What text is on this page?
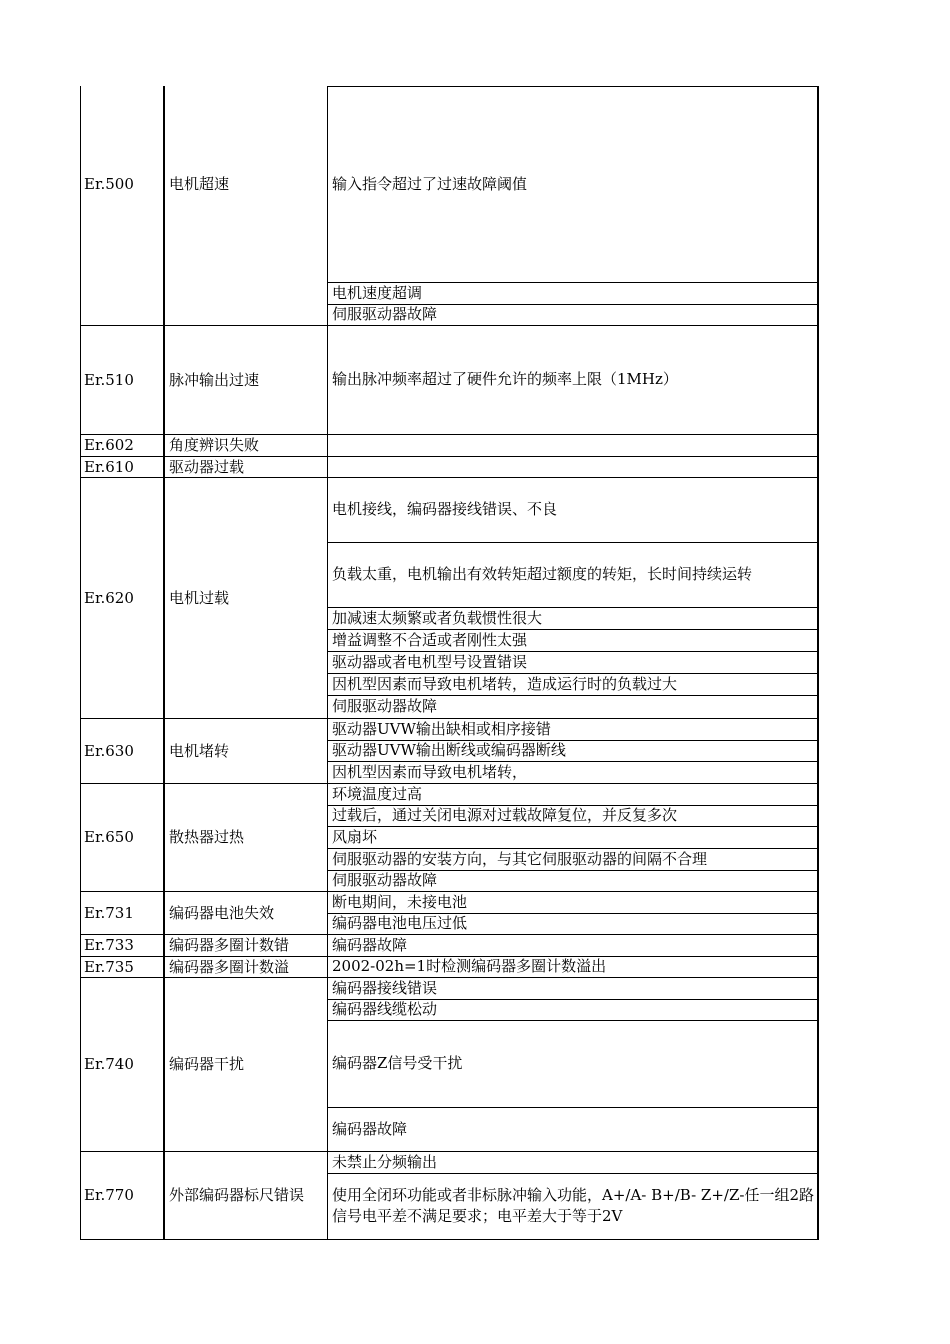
Er.500	电机超速	输入指令超过了过速故障阈值
电机速度超调
伺服驱动器故障
Er.510	脉冲输出过速	输出脉冲频率超过了硬件允许的频率上限（1MHz）
Er.602	角度辨识失败
Er.610	驱动器过载
Er.620	电机过载
电机接线，编码器接线错误、不良
负载太重，电机输出有效转矩超过额度的转矩，长时间持续运转
加减速太频繁或者负载惯性很大
增益调整不合适或者刚性太强
驱动器或者电机型号设置错误
因机型因素而导致电机堵转，造成运行时的负载过大
伺服驱动器故障
Er.630	电机堵转
驱动器UVW输出缺相或相序接错
驱动器UVW输出断线或编码器断线
因机型因素而导致电机堵转，
Er.650	散热器过热
环境温度过高
过载后，通过关闭电源对过载故障复位，并反复多次
风扇坏
伺服驱动器的安装方向，与其它伺服驱动器的间隔不合理
伺服驱动器故障
Er.731	编码器电池失效
断电期间，未接电池
编码器电池电压过低
Er.733	编码器多圈计数错	编码器故障
Er.735	编码器多圈计数溢	2002-02h=1时检测编码器多圈计数溢出
Er.740	编码器干扰
编码器接线错误
编码器线缆松动
编码器Z信号受干扰
编码器故障
Er.770	外部编码器标尺错误
未禁止分频输出
使用全闭环功能或者非标脉冲输入功能，A+/A- B+/B- Z+/Z-任一组2路信号电平差不满足要求；电平差大于等于2V
